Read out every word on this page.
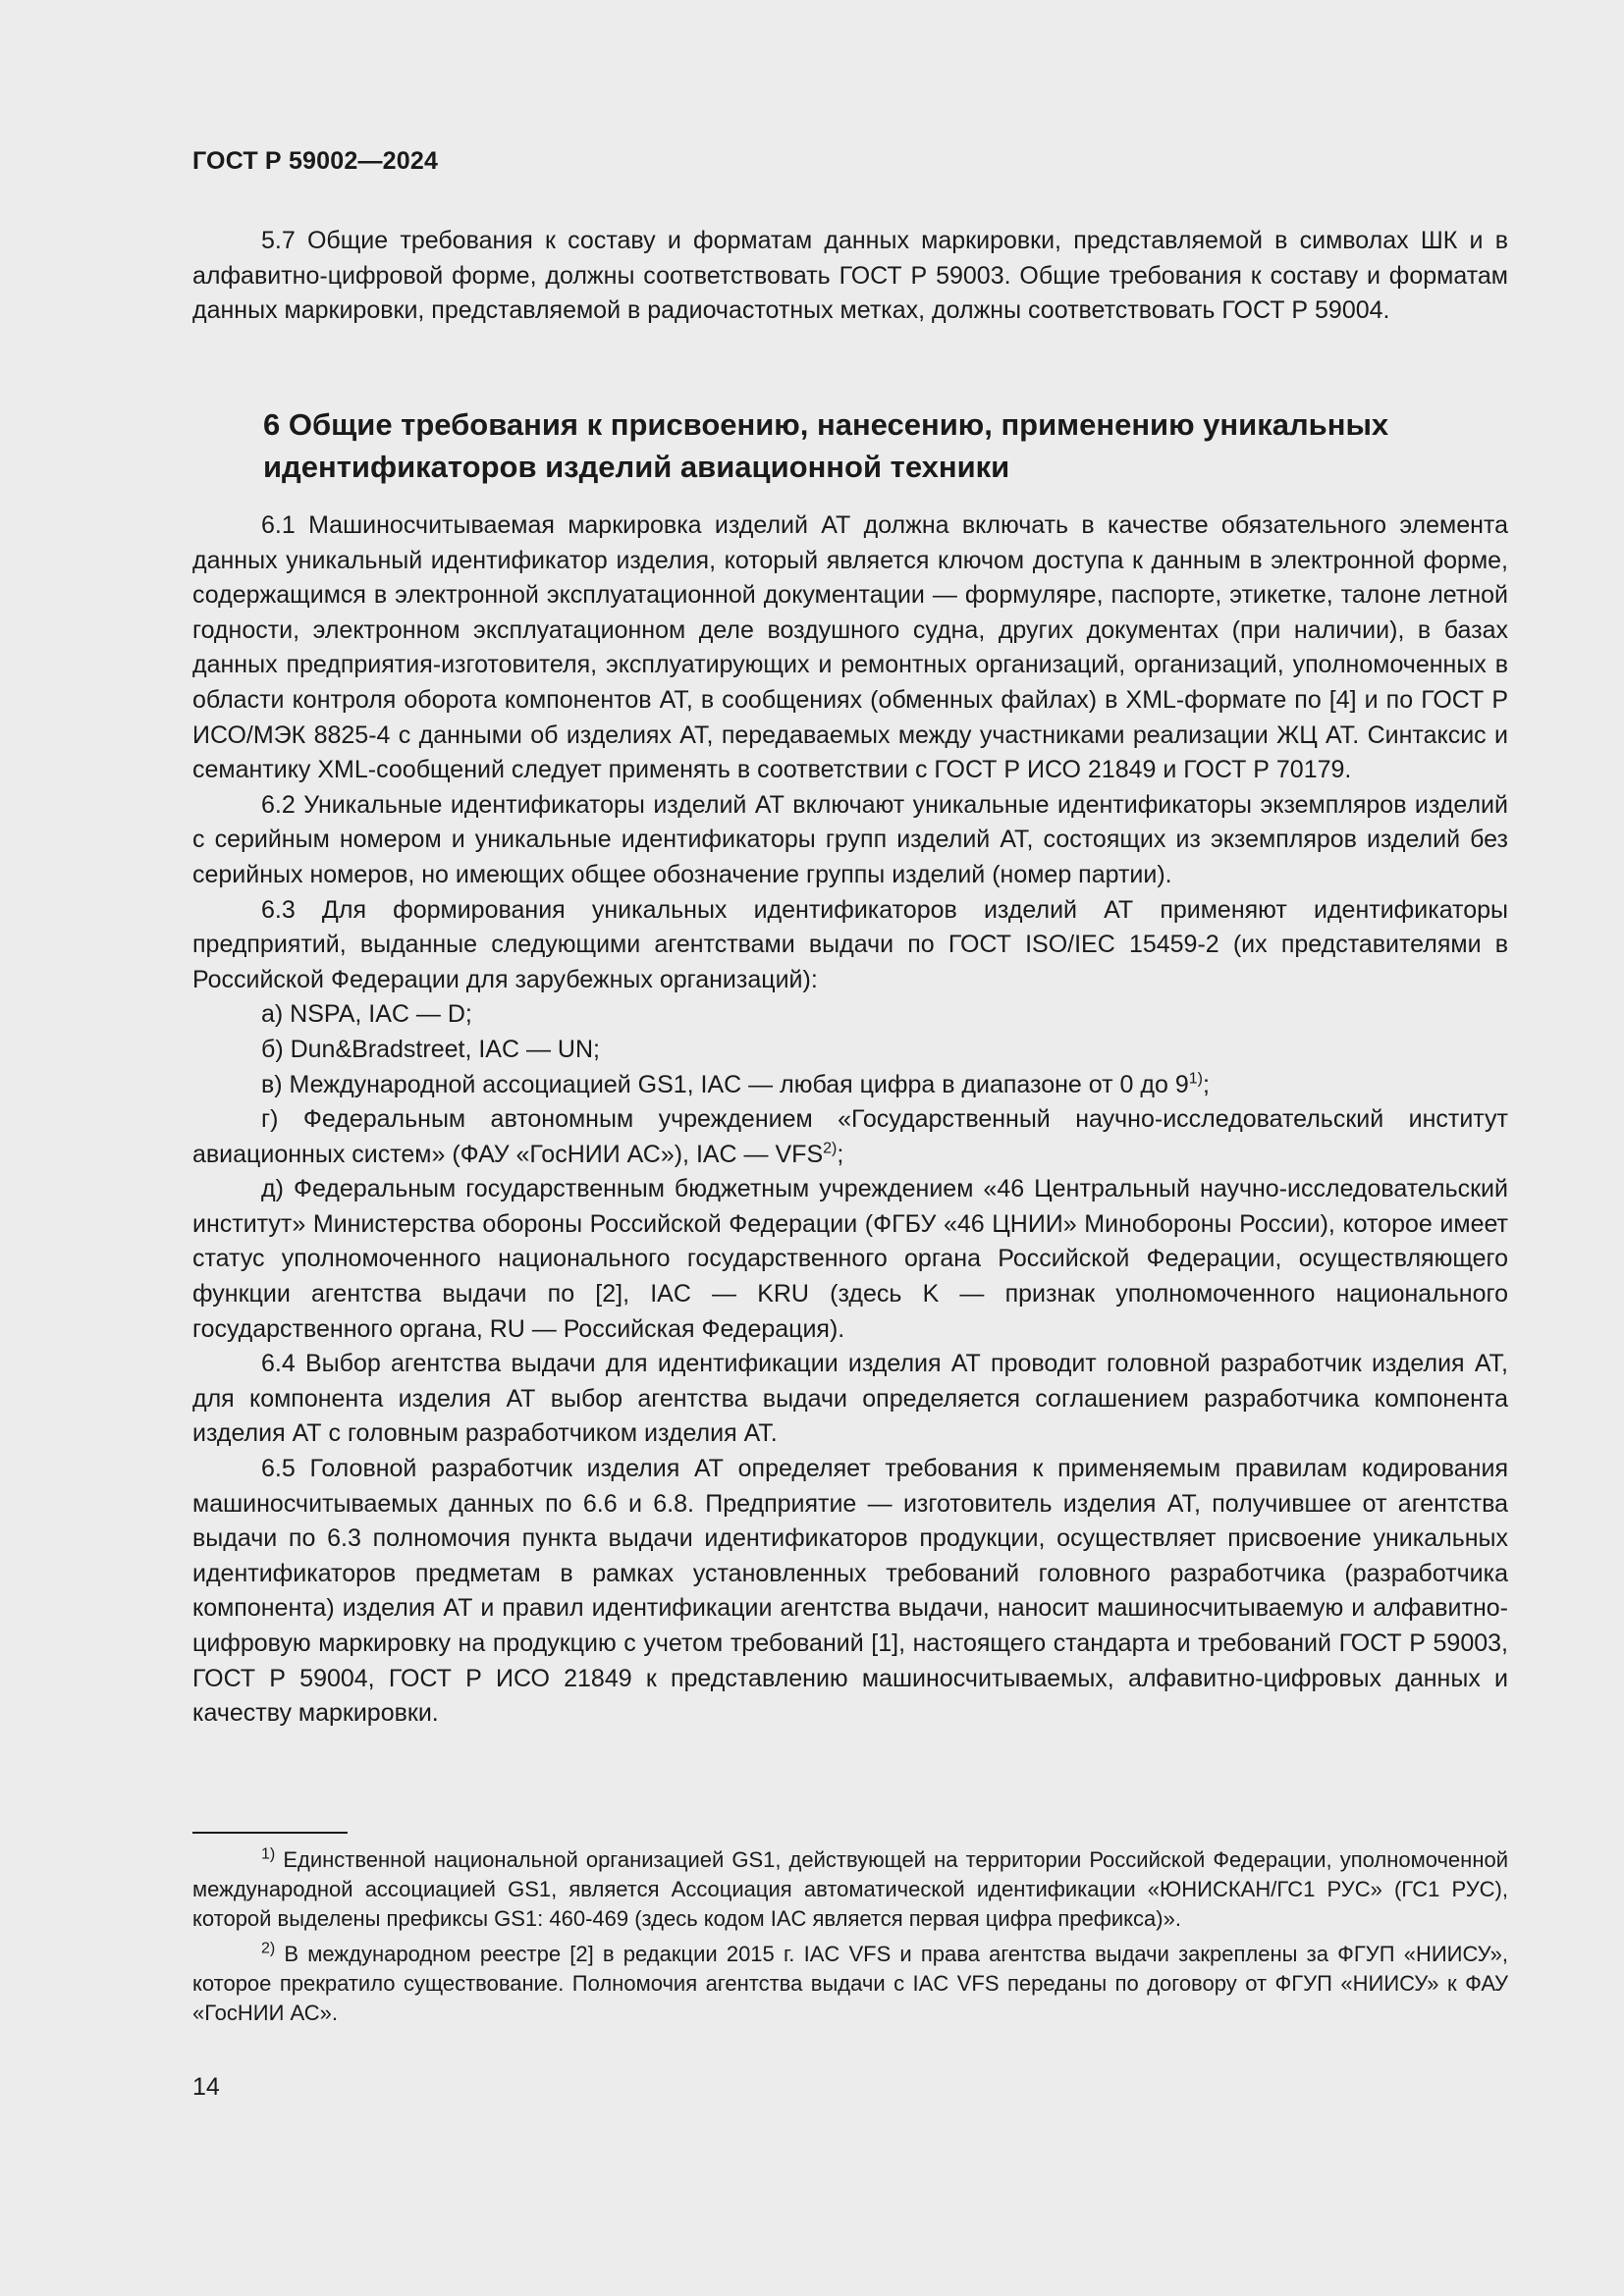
ГОСТ Р 59002—2024

5.7 Общие требования к составу и форматам данных маркировки, представляемой в символах ШК и в алфавитно-цифровой форме, должны соответствовать ГОСТ Р 59003. Общие требования к составу и форматам данных маркировки, представляемой в радиочастотных метках, должны соответствовать ГОСТ Р 59004.

6 Общие требования к присвоению, нанесению, применению уникальных идентификаторов изделий авиационной техники

6.1 Машиносчитываемая маркировка изделий АТ должна включать в качестве обязательного элемента данных уникальный идентификатор изделия, который является ключом доступа к данным в электронной форме, содержащимся в электронной эксплуатационной документации — формуляре, паспорте, этикетке, талоне летной годности, электронном эксплуатационном деле воздушного судна, других документах (при наличии), в базах данных предприятия-изготовителя, эксплуатирующих и ремонтных организаций, организаций, уполномоченных в области контроля оборота компонентов АТ, в сообщениях (обменных файлах) в XML-формате по [4] и по ГОСТ Р ИСО/МЭК 8825-4 с данными об изделиях АТ, передаваемых между участниками реализации ЖЦ АТ. Синтаксис и семантику XML-сообщений следует применять в соответствии с ГОСТ Р ИСО 21849 и ГОСТ Р 70179.

6.2 Уникальные идентификаторы изделий АТ включают уникальные идентификаторы экземпляров изделий с серийным номером и уникальные идентификаторы групп изделий АТ, состоящих из экземпляров изделий без серийных номеров, но имеющих общее обозначение группы изделий (номер партии).

6.3 Для формирования уникальных идентификаторов изделий АТ применяют идентификаторы предприятий, выданные следующими агентствами выдачи по ГОСТ ISO/IEC 15459-2 (их представителями в Российской Федерации для зарубежных организаций):

а) NSPA, IAC — D;

б) Dun&Bradstreet, IAC — UN;

в) Международной ассоциацией GS1, IAC — любая цифра в диапазоне от 0 до 9$^{1)}$;

г) Федеральным автономным учреждением «Государственный научно-исследовательский институт авиационных систем» (ФАУ «ГосНИИ АС»), IAC — VFS$^{2)}$;

д) Федеральным государственным бюджетным учреждением «46 Центральный научно-исследовательский институт» Министерства обороны Российской Федерации (ФГБУ «46 ЦНИИ» Минобороны России), которое имеет статус уполномоченного национального государственного органа Российской Федерации, осуществляющего функции агентства выдачи по [2], IAC — KRU (здесь K — признак уполномоченного национального государственного органа, RU — Российская Федерация).

6.4 Выбор агентства выдачи для идентификации изделия АТ проводит головной разработчик изделия АТ, для компонента изделия АТ выбор агентства выдачи определяется соглашением разработчика компонента изделия АТ с головным разработчиком изделия АТ.

6.5 Головной разработчик изделия АТ определяет требования к применяемым правилам кодирования машиносчитываемых данных по 6.6 и 6.8. Предприятие — изготовитель изделия АТ, получившее от агентства выдачи по 6.3 полномочия пункта выдачи идентификаторов продукции, осуществляет присвоение уникальных идентификаторов предметам в рамках установленных требований головного разработчика (разработчика компонента) изделия АТ и правил идентификации агентства выдачи, наносит машиносчитываемую и алфавитно-цифровую маркировку на продукцию с учетом требований [1], настоящего стандарта и требований ГОСТ Р 59003, ГОСТ Р 59004, ГОСТ Р ИСО 21849 к представлению машиносчитываемых, алфавитно-цифровых данных и качеству маркировки.

$^{1)}$ Единственной национальной организацией GS1, действующей на территории Российской Федерации, уполномоченной международной ассоциацией GS1, является Ассоциация автоматической идентификации «ЮНИСКАН/ГС1 РУС» (ГС1 РУС), которой выделены префиксы GS1: 460-469 (здесь кодом IAC является первая цифра префикса)».

$^{2)}$ В международном реестре [2] в редакции 2015 г. IAC VFS и права агентства выдачи закреплены за ФГУП «НИИСУ», которое прекратило существование. Полномочия агентства выдачи с IAC VFS переданы по договору от ФГУП «НИИСУ» к ФАУ «ГосНИИ АС».

14
